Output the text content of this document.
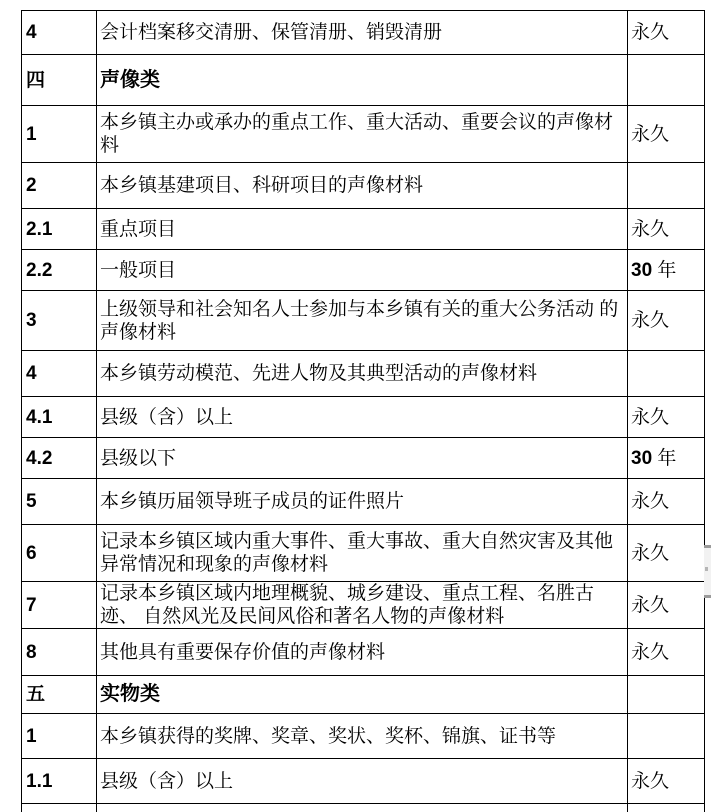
4	会计档案移交清册、保管清册、销毁清册	永久
四	声像类	
1	本乡镇主办或承办的重点工作、重大活动、重要会议的声像材 料	永久
2	本乡镇基建项目、科研项目的声像材料	
2.1	重点项目	永久
2.2	一般项目	30 年
3	上级领导和社会知名人士参加与本乡镇有关的重大公务活动 的声像材料	永久
4	本乡镇劳动模范、先进人物及其典型活动的声像材料	
4.1	县级（含）以上	永久
4.2	县级以下	30 年
5	本乡镇历届领导班子成员的证件照片	永久
6	记录本乡镇区域内重大事件、重大事故、重大自然灾害及其他 异常情况和现象的声像材料	永久
7	记录本乡镇区域内地理概貌、城乡建设、重点工程、名胜古迹、 自然风光及民间风俗和著名人物的声像材料	永久
8	其他具有重要保存价值的声像材料	永久
五	实物类	
1	本乡镇获得的奖牌、奖章、奖状、奖杯、锦旗、证书等	
1.1	县级（含）以上	永久
